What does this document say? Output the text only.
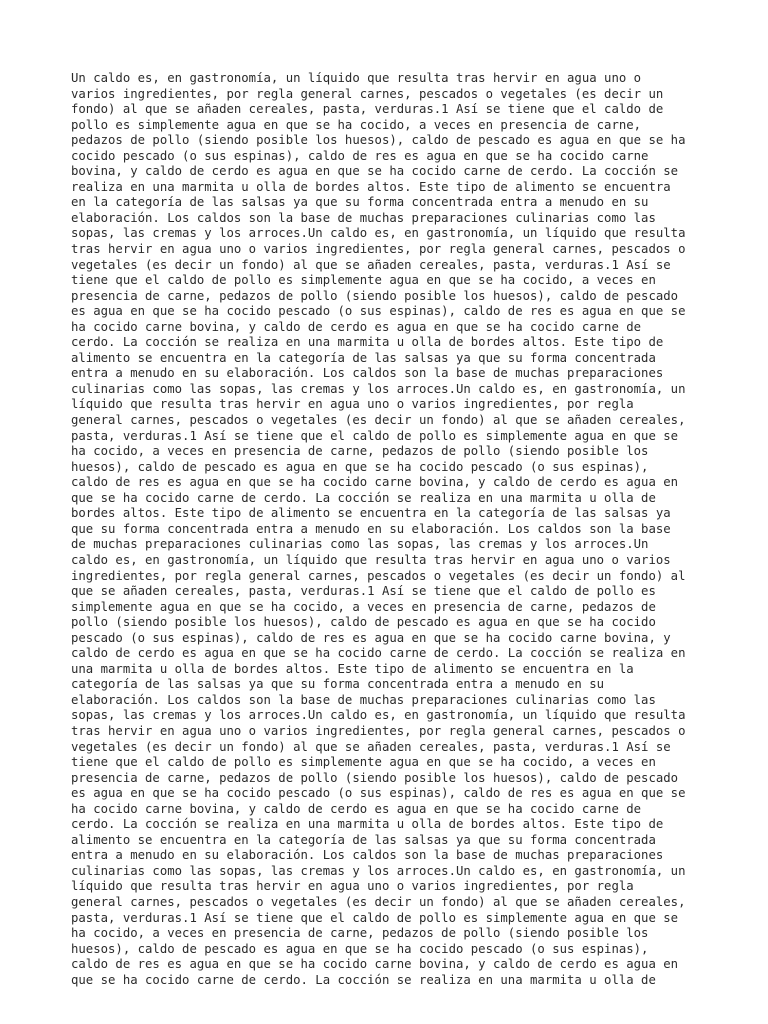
Un caldo es, en gastronomía, un líquido que resulta tras hervir en agua uno o
varios ingredientes, por regla general carnes, pescados o vegetales (es decir un
fondo) al que se añaden cereales, pasta, verduras.1 Así se tiene que el caldo de
pollo es simplemente agua en que se ha cocido, a veces en presencia de carne,
pedazos de pollo (siendo posible los huesos), caldo de pescado es agua en que se ha
cocido pescado (o sus espinas), caldo de res es agua en que se ha cocido carne
bovina, y caldo de cerdo es agua en que se ha cocido carne de cerdo. La cocción se
realiza en una marmita u olla de bordes altos. Este tipo de alimento se encuentra
en la categoría de las salsas ya que su forma concentrada entra a menudo en su
elaboración. Los caldos son la base de muchas preparaciones culinarias como las
sopas, las cremas y los arroces.Un caldo es, en gastronomía, un líquido que resulta
tras hervir en agua uno o varios ingredientes, por regla general carnes, pescados o
vegetales (es decir un fondo) al que se añaden cereales, pasta, verduras.1 Así se
tiene que el caldo de pollo es simplemente agua en que se ha cocido, a veces en
presencia de carne, pedazos de pollo (siendo posible los huesos), caldo de pescado
es agua en que se ha cocido pescado (o sus espinas), caldo de res es agua en que se
ha cocido carne bovina, y caldo de cerdo es agua en que se ha cocido carne de
cerdo. La cocción se realiza en una marmita u olla de bordes altos. Este tipo de
alimento se encuentra en la categoría de las salsas ya que su forma concentrada
entra a menudo en su elaboración. Los caldos son la base de muchas preparaciones
culinarias como las sopas, las cremas y los arroces.Un caldo es, en gastronomía, un
líquido que resulta tras hervir en agua uno o varios ingredientes, por regla
general carnes, pescados o vegetales (es decir un fondo) al que se añaden cereales,
pasta, verduras.1 Así se tiene que el caldo de pollo es simplemente agua en que se
ha cocido, a veces en presencia de carne, pedazos de pollo (siendo posible los
huesos), caldo de pescado es agua en que se ha cocido pescado (o sus espinas),
caldo de res es agua en que se ha cocido carne bovina, y caldo de cerdo es agua en
que se ha cocido carne de cerdo. La cocción se realiza en una marmita u olla de
bordes altos. Este tipo de alimento se encuentra en la categoría de las salsas ya
que su forma concentrada entra a menudo en su elaboración. Los caldos son la base
de muchas preparaciones culinarias como las sopas, las cremas y los arroces.Un
caldo es, en gastronomía, un líquido que resulta tras hervir en agua uno o varios
ingredientes, por regla general carnes, pescados o vegetales (es decir un fondo) al
que se añaden cereales, pasta, verduras.1 Así se tiene que el caldo de pollo es
simplemente agua en que se ha cocido, a veces en presencia de carne, pedazos de
pollo (siendo posible los huesos), caldo de pescado es agua en que se ha cocido
pescado (o sus espinas), caldo de res es agua en que se ha cocido carne bovina, y
caldo de cerdo es agua en que se ha cocido carne de cerdo. La cocción se realiza en
una marmita u olla de bordes altos. Este tipo de alimento se encuentra en la
categoría de las salsas ya que su forma concentrada entra a menudo en su
elaboración. Los caldos son la base de muchas preparaciones culinarias como las
sopas, las cremas y los arroces.Un caldo es, en gastronomía, un líquido que resulta
tras hervir en agua uno o varios ingredientes, por regla general carnes, pescados o
vegetales (es decir un fondo) al que se añaden cereales, pasta, verduras.1 Así se
tiene que el caldo de pollo es simplemente agua en que se ha cocido, a veces en
presencia de carne, pedazos de pollo (siendo posible los huesos), caldo de pescado
es agua en que se ha cocido pescado (o sus espinas), caldo de res es agua en que se
ha cocido carne bovina, y caldo de cerdo es agua en que se ha cocido carne de
cerdo. La cocción se realiza en una marmita u olla de bordes altos. Este tipo de
alimento se encuentra en la categoría de las salsas ya que su forma concentrada
entra a menudo en su elaboración. Los caldos son la base de muchas preparaciones
culinarias como las sopas, las cremas y los arroces.Un caldo es, en gastronomía, un
líquido que resulta tras hervir en agua uno o varios ingredientes, por regla
general carnes, pescados o vegetales (es decir un fondo) al que se añaden cereales,
pasta, verduras.1 Así se tiene que el caldo de pollo es simplemente agua en que se
ha cocido, a veces en presencia de carne, pedazos de pollo (siendo posible los
huesos), caldo de pescado es agua en que se ha cocido pescado (o sus espinas),
caldo de res es agua en que se ha cocido carne bovina, y caldo de cerdo es agua en
que se ha cocido carne de cerdo. La cocción se realiza en una marmita u olla de
